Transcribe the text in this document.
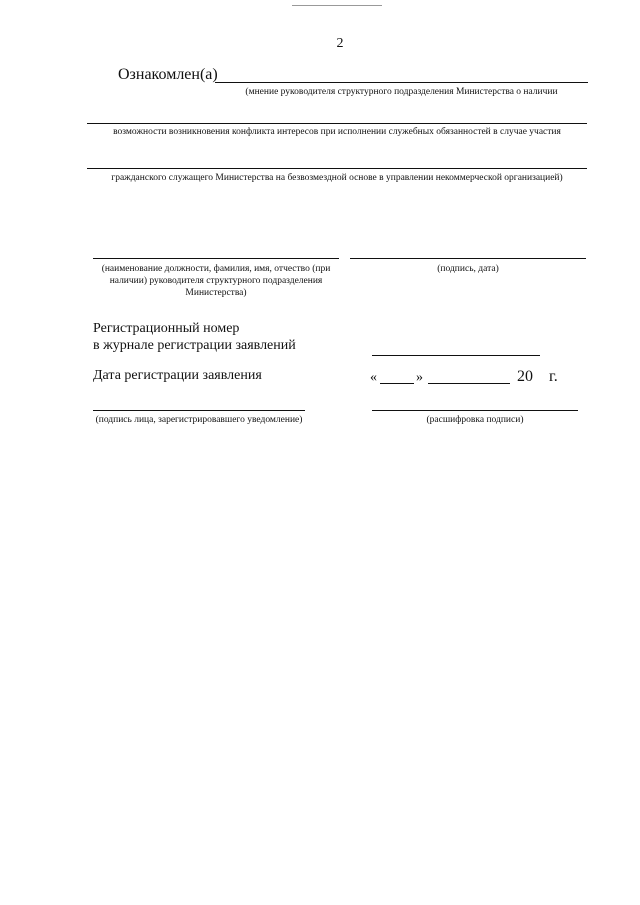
2
Ознакомлен(а)
(мнение руководителя структурного подразделения Министерства о наличии
возможности возникновения конфликта интересов при исполнении служебных обязанностей в случае участия
гражданского служащего Министерства на безвозмездной основе в управлении некоммерческой организацией)
(наименование должности, фамилия, имя, отчество (при наличии) руководителя структурного подразделения Министерства)
(подпись, дата)
Регистрационный номер
в журнале регистрации заявлений
Дата регистрации заявления	«	»	20 г.
(подпись лица, зарегистрировавшего уведомление)	(расшифровка подписи)
